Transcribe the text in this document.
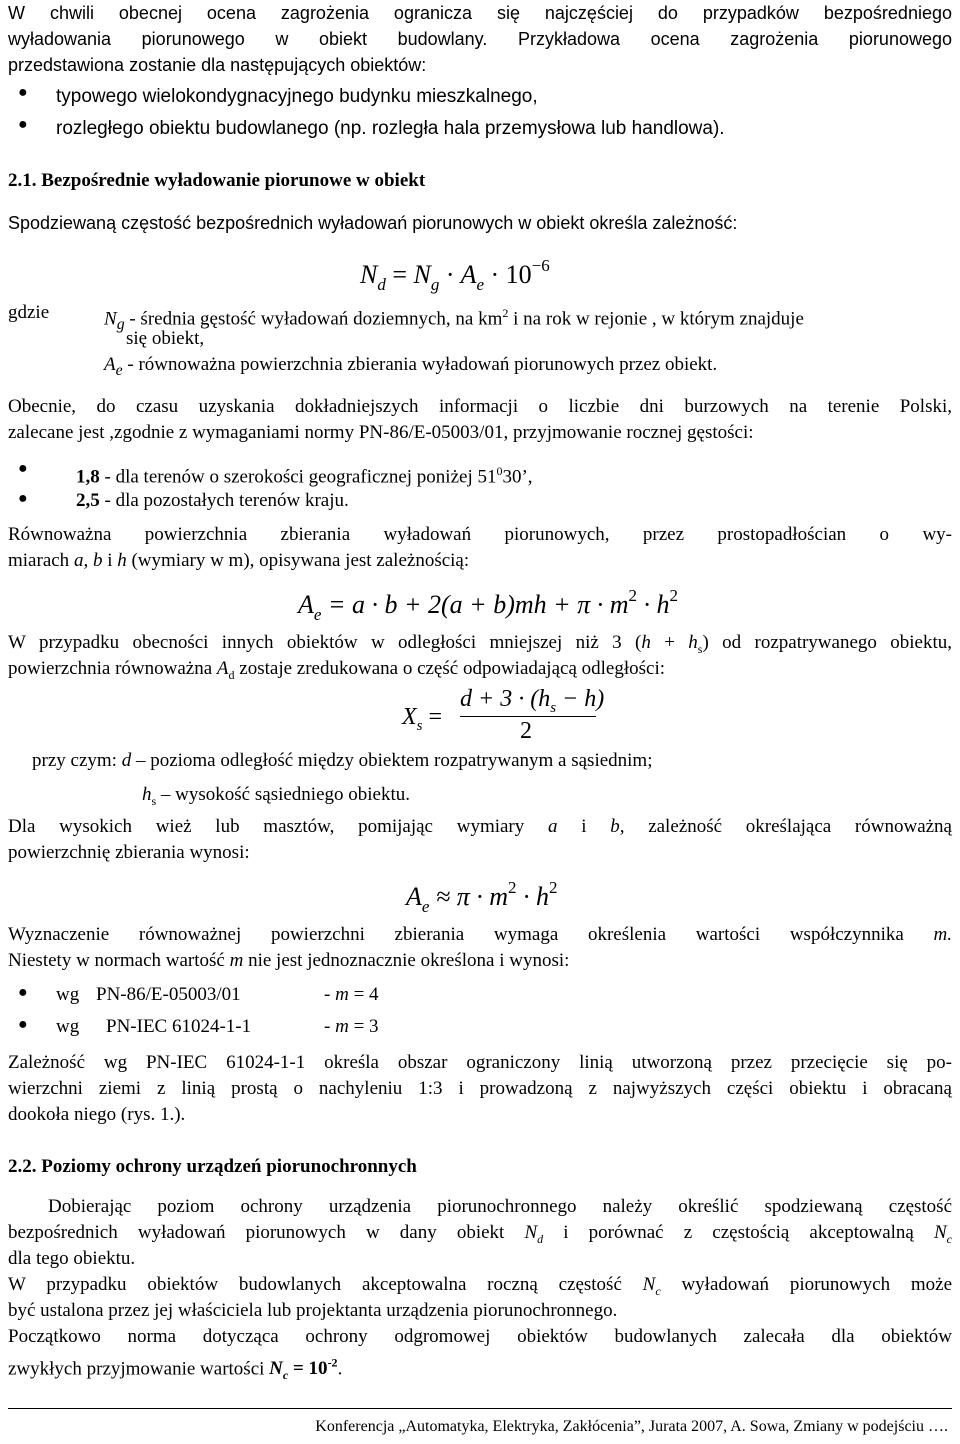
W chwili obecnej ocena zagrożenia ogranicza się najczęściej do przypadków bezpośredniego
wyładowania piorunowego w obiekt budowlany. Przykładowa ocena zagrożenia piorunowego
przedstawiona zostanie dla następujących obiektów:
● typowego wielokondygnacyjnego budynku mieszkalnego,
● rozległego obiektu budowlanego (np. rozległa hala przemysłowa lub handlowa).
2.1. Bezpośrednie wyładowanie piorunowe w obiekt
Spodziewaną częstość bezpośrednich wyładowań piorunowych w obiekt określa zależność:
$N_d = N_g \cdot A_e \cdot 10^{-6}$
gdzie	$N_g$ - średnia gęstość wyładowań doziemnych, na $km^2$ i na rok w rejonie , w którym znajduje
się obiekt,
$A_e$ - równoważna powierzchnia zbierania wyładowań piorunowych przez obiekt.
Obecnie, do czasu uzyskania dokładniejszych informacji o liczbie dni burzowych na terenie Polski,
zalecane jest ,zgodnie z wymaganiami normy PN-86/E-05003/01, przyjmowanie rocznej gęstości:
●	1,8 - dla terenów o szerokości geograficznej poniżej $51^030$’,
●	2,5 - dla pozostałych terenów kraju.
Równoważna powierzchnia zbierania wyładowań piorunowych, przez prostopadłościan o wy-
miarach a, b i h (wymiary w m), opisywana jest zależnością:
$A_e = a \cdot b + 2(a + b)mh + \pi \cdot m^2 \cdot h^2$
W przypadku obecności innych obiektów w odległości mniejszej niż 3 $(h + h_s)$ od rozpatrywanego obiektu,
powierzchnia równoważna $A_d$ zostaje zredukowana o część odpowiadającą odległości:
$X_s$ =
$d + 3 \cdot (h_s - h)$
2
przy czym: d – pozioma odległość między obiektem rozpatrywanym a sąsiednim;
$h_s$ – wysokość sąsiedniego obiektu.
Dla wysokich wież lub masztów, pomijając wymiary a i b, zależność określająca równoważną
powierzchnię zbierania wynosi:
$A_e \approx \pi \cdot m^2 \cdot h^2$
Wyznaczenie równoważnej powierzchni zbierania wymaga określenia wartości współczynnika m.
Niestety w normach wartość m nie jest jednoznacznie określona i wynosi:
● wg PN-86/E-05003/01	- m = 4
● wg PN-IEC 61024-1-1	- m = 3
Zależność wg PN-IEC 61024-1-1 określa obszar ograniczony linią utworzoną przez przecięcie się po-
wierzchni ziemi z linią prostą o nachyleniu 1:3 i prowadzoną z najwyższych części obiektu i obracaną
dookoła niego (rys. 1.).
2.2. Poziomy ochrony urządzeń piorunochronnych
Dobierając poziom ochrony urządzenia piorunochronnego należy określić spodziewaną częstość
bezpośrednich wyładowań piorunowych w dany obiekt $N_d$ i porównać z częstością akceptowalną $N_c$
dla tego obiektu.
W przypadku obiektów budowlanych akceptowalna roczną częstość $N_c$ wyładowań piorunowych może
być ustalona przez jej właściciela lub projektanta urządzenia piorunochronnego.
Początkowo norma dotycząca ochrony odgromowej obiektów budowlanych zalecała dla obiektów
zwykłych przyjmowanie wartości $N_c = 10^{-2}$.
Konferencja „Automatyka, Elektryka, Zakłócenia”, Jurata 2007, A. Sowa, Zmiany w podejściu ….
